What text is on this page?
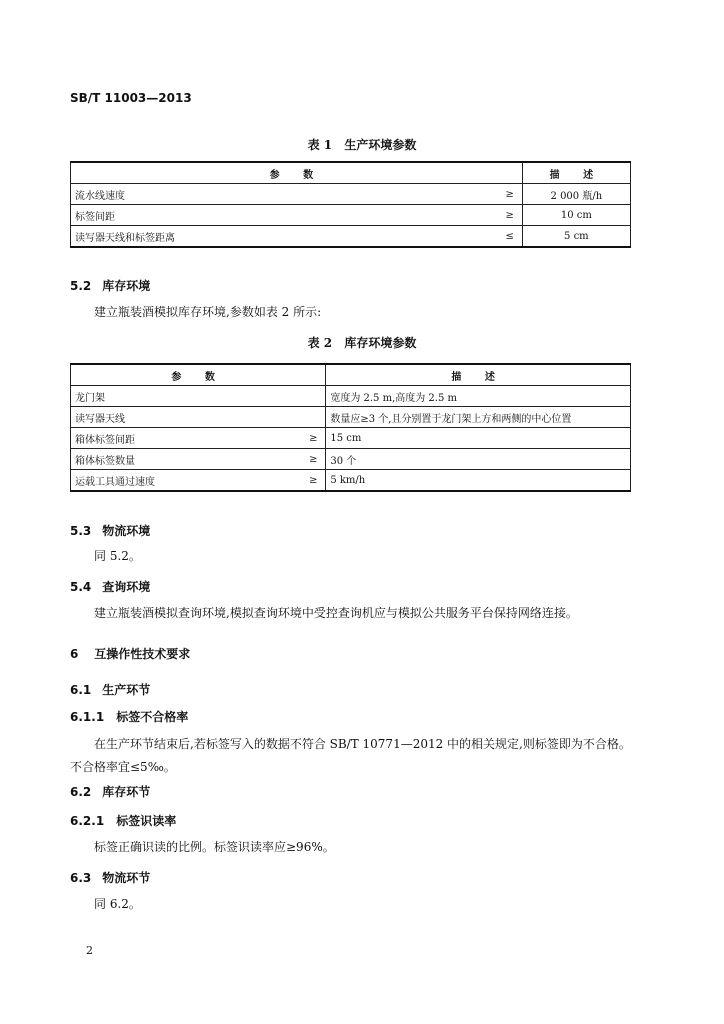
SB/T 11003—2013
表 1 生产环境参数
参 数		描 述
流水线速度	≥	2 000 瓶/h
标签间距	≥	10 cm
读写器天线和标签距离	≤	5 cm
5.2 库存环境
建立瓶装酒模拟库存环境,参数如表 2 所示:
表 2 库存环境参数
参 数		描 述
龙门架		宽度为 2.5 m,高度为 2.5 m
读写器天线		数量应≥3 个,且分别置于龙门架上方和两侧的中心位置
箱体标签间距	≥	15 cm
箱体标签数量	≥	30 个
运载工具通过速度	≥	5 km/h
5.3 物流环境
同 5.2。
5.4 查询环境
建立瓶装酒模拟查询环境,模拟查询环境中受控查询机应与模拟公共服务平台保持网络连接。
6 互操作性技术要求
6.1 生产环节
6.1.1 标签不合格率
在生产环节结束后,若标签写入的数据不符合 SB/T 10771—2012 中的相关规定,则标签即为不合格。不合格率宜≤5‰。
6.2 库存环节
6.2.1 标签识读率
标签正确识读的比例。标签识读率应≥96%。
6.3 物流环节
同 6.2。
2
